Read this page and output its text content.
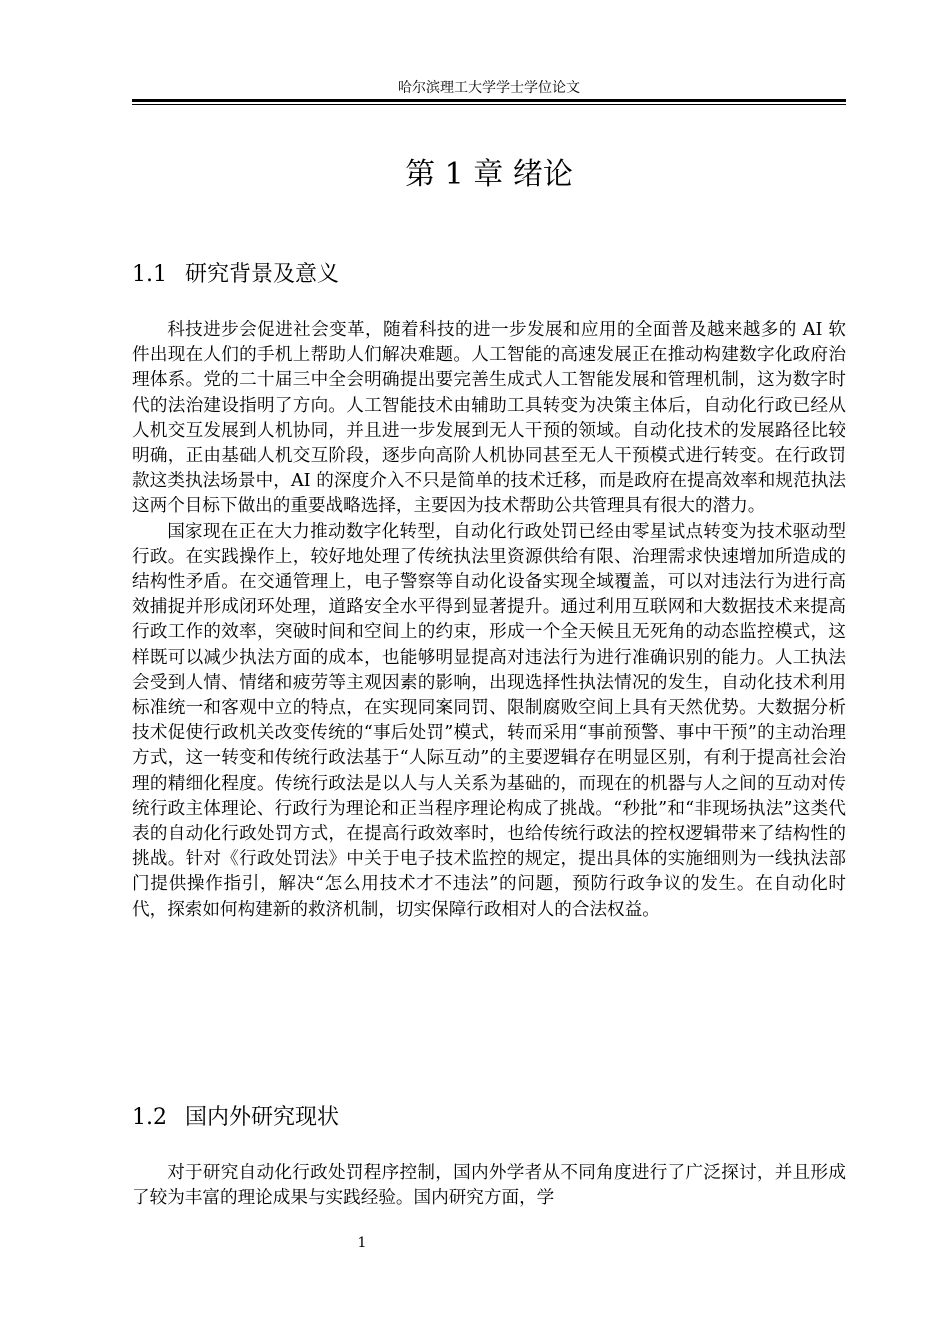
哈尔滨理工大学学士学位论文
第 1 章 绪论
1.1 研究背景及意义

科技进步会促进社会变革，随着科技的进一步发展和应用的全面普及越来越多的 AI 软件出现在人们的手机上帮助人们解决难题。人工智能的高速发展正在推动构建数字化政府治理体系。党的二十届三中全会明确提出要完善生成式人工智能发展和管理机制，这为数字时代的法治建设指明了方向。人工智能技术由辅助工具转变为决策主体后，自动化行政已经从人机交互发展到人机协同，并且进一步发展到无人干预的领域。自动化技术的发展路径比较明确，正由基础人机交互阶段，逐步向高阶人机协同甚至无人干预模式进行转变。在行政罚款这类执法场景中，AI 的深度介入不只是简单的技术迁移，而是政府在提高效率和规范执法这两个目标下做出的重要战略选择，主要因为技术帮助公共管理具有很大的潜力。

国家现在正在大力推动数字化转型，自动化行政处罚已经由零星试点转变为技术驱动型行政。在实践操作上，较好地处理了传统执法里资源供给有限、治理需求快速增加所造成的结构性矛盾。在交通管理上，电子警察等自动化设备实现全域覆盖，可以对违法行为进行高效捕捉并形成闭环处理，道路安全水平得到显著提升。通过利用互联网和大数据技术来提高行政工作的效率，突破时间和空间上的约束，形成一个全天候且无死角的动态监控模式，这样既可以减少执法方面的成本，也能够明显提高对违法行为进行准确识别的能力。人工执法会受到人情、情绪和疲劳等主观因素的影响，出现选择性执法情况的发生，自动化技术利用标准统一和客观中立的特点，在实现同案同罚、限制腐败空间上具有天然优势。大数据分析技术促使行政机关改变传统的“事后处罚”模式，转而采用“事前预警、事中干预”的主动治理方式，这一转变和传统行政法基于“人际互动”的主要逻辑存在明显区别，有利于提高社会治理的精细化程度。传统行政法是以人与人关系为基础的，而现在的机器与人之间的互动对传统行政主体理论、行政行为理论和正当程序理论构成了挑战。“秒批”和“非现场执法”这类代表的自动化行政处罚方式，在提高行政效率时，也给传统行政法的控权逻辑带来了结构性的挑战。针对《行政处罚法》中关于电子技术监控的规定，提出具体的实施细则为一线执法部门提供操作指引，解决“怎么用技术才不违法”的问题，预防行政争议的发生。在自动化时代，探索如何构建新的救济机制，切实保障行政相对人的合法权益。

1.2 国内外研究现状

对于研究自动化行政处罚程序控制，国内外学者从不同角度进行了广泛探讨，并且形成了较为丰富的理论成果与实践经验。国内研究方面，学

1
